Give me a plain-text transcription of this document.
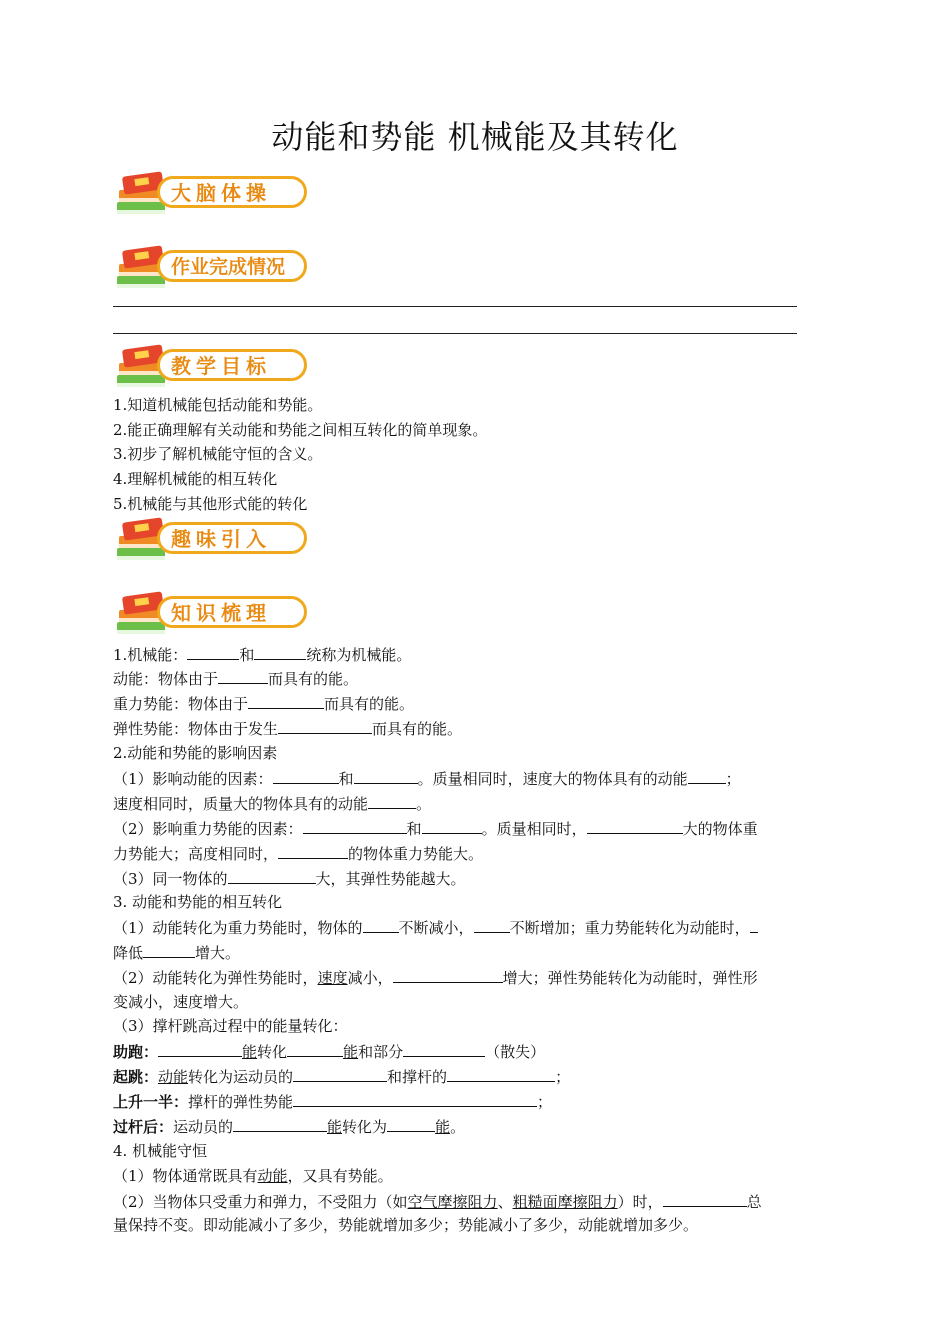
动能和势能 机械能及其转化
大脑体操
作业完成情况
教学目标
1.知道机械能包括动能和势能。
2.能正确理解有关动能和势能之间相互转化的简单现象。
3.初步了解机械能守恒的含义。
4.理解机械能的相互转化
5.机械能与其他形式能的转化
趣味引入
知识梳理
1.机械能：	和	统称为机械能。
动能：物体由于	而具有的能。
重力势能：物体由于	而具有的能。
弹性势能：物体由于发生	而具有的能。
2.动能和势能的影响因素
（1）影响动能的因素：	和	。质量相同时，速度大的物体具有的动能	；
速度相同时，质量大的物体具有的动能	。
（2）影响重力势能的因素：	和	。质量相同时，	大的物体重
力势能大；高度相同时，	的物体重力势能大。
（3）同一物体的	大，其弹性势能越大。
3. 动能和势能的相互转化
（1）动能转化为重力势能时，物体的 不断减小， 不断增加；重力势能转化为动能时，
降低	增大。
（2）动能转化为弹性势能时，速度减小，	增大；弹性势能转化为动能时，弹性形
变减小，速度增大。
（3）撑杆跳高过程中的能量转化：
助跑：	能转化	能和部分	（散失）
起跳：动能转化为运动员的	和撑杆的	；
上升一半：撑杆的弹性势能	；
过杆后：运动员的	能转化为	能。
4. 机械能守恒
（1）物体通常既具有动能，又具有势能。
（2）当物体只受重力和弹力，不受阻力（如空气摩擦阻力、粗糙面摩擦阻力）时，	总
量保持不变。即动能减小了多少，势能就增加多少；势能减小了多少，动能就增加多少。
